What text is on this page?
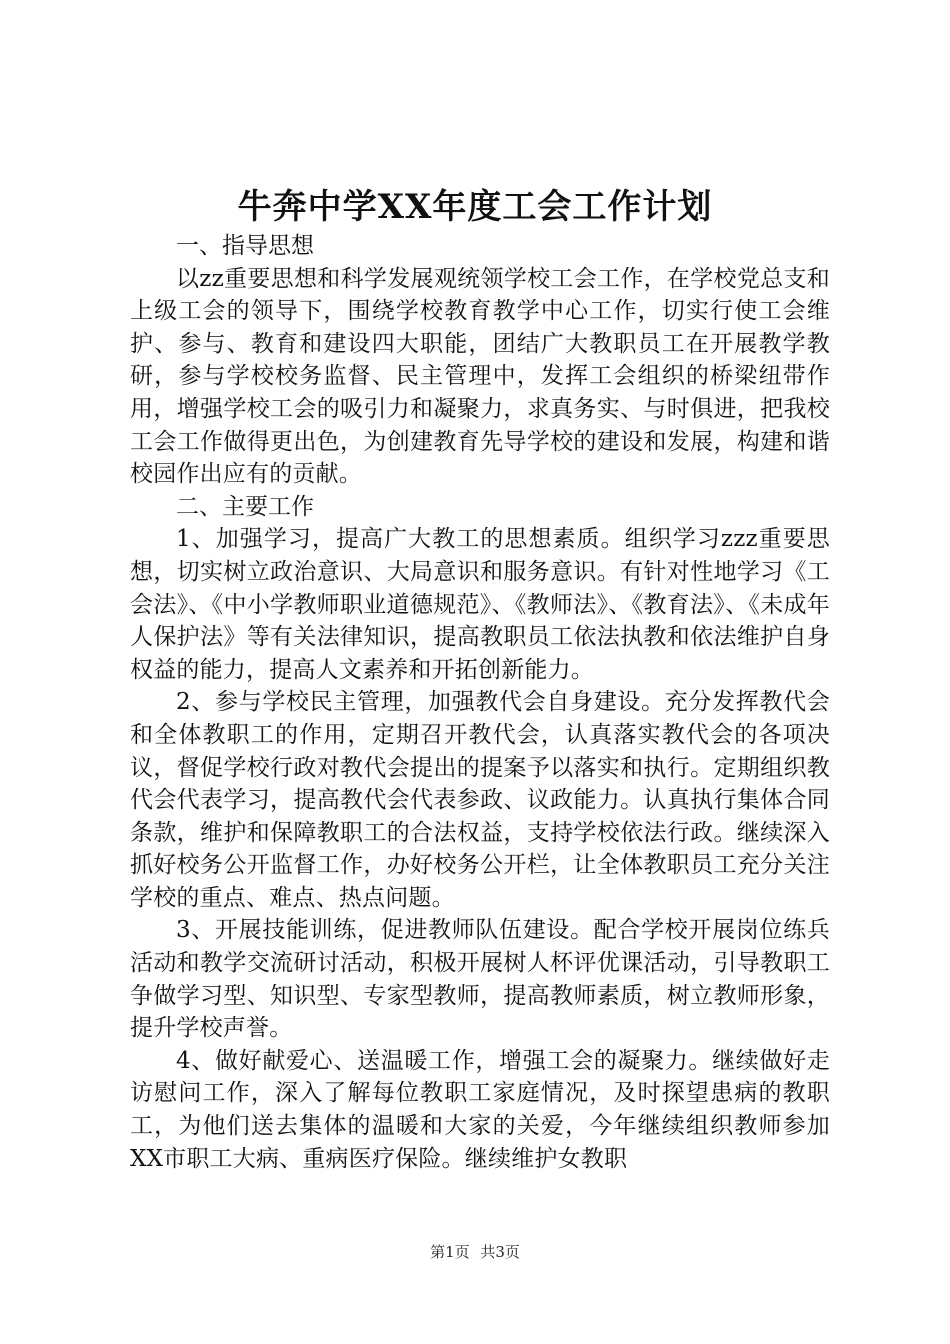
牛奔中学XX年度工会工作计划

一、指导思想

以zz重要思想和科学发展观统领学校工会工作，在学校党总支和上级工会的领导下，围绕学校教育教学中心工作，切实行使工会维护、参与、教育和建设四大职能，团结广大教职员工在开展教学教研，参与学校校务监督、民主管理中，发挥工会组织的桥梁纽带作用，增强学校工会的吸引力和凝聚力，求真务实、与时俱进，把我校工会工作做得更出色，为创建教育先导学校的建设和发展，构建和谐校园作出应有的贡献。

二、主要工作

1、加强学习，提高广大教工的思想素质。组织学习zzz重要思想，切实树立政治意识、大局意识和服务意识。有针对性地学习《工会法》、《中小学教师职业道德规范》、《教师法》、《教育法》、《未成年人保护法》等有关法律知识，提高教职员工依法执教和依法维护自身权益的能力，提高人文素养和开拓创新能力。

2、参与学校民主管理，加强教代会自身建设。充分发挥教代会和全体教职工的作用，定期召开教代会，认真落实教代会的各项决议，督促学校行政对教代会提出的提案予以落实和执行。定期组织教代会代表学习，提高教代会代表参政、议政能力。认真执行集体合同条款，维护和保障教职工的合法权益，支持学校依法行政。继续深入抓好校务公开监督工作，办好校务公开栏，让全体教职员工充分关注学校的重点、难点、热点问题。

3、开展技能训练，促进教师队伍建设。配合学校开展岗位练兵活动和教学交流研讨活动，积极开展树人杯评优课活动，引导教职工争做学习型、知识型、专家型教师，提高教师素质，树立教师形象，提升学校声誉。

4、做好献爱心、送温暖工作，增强工会的凝聚力。继续做好走访慰问工作，深入了解每位教职工家庭情况，及时探望患病的教职工，为他们送去集体的温暖和大家的关爱，今年继续组织教师参加XX市职工大病、重病医疗保险。继续维护女教职

第1页 共3页
